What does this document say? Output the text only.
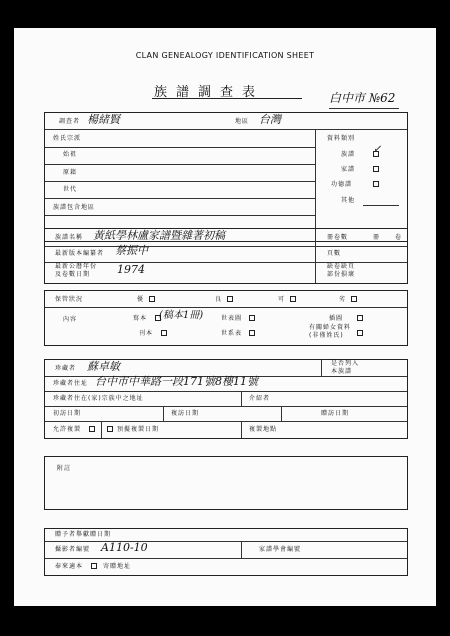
CLAN GENEALOGY IDENTIFICATION SHEET
族譜調查表	白中市 №62
調查者 楊緒賢	地區 台灣
姓氏宗派
始祖
原籍
世代
族譜包含地區
資料類別
族譜 ✓
家譜
功德譜
其他
族譜名稱 黃紙學林盧家譜暨雜著初稿
最新版本編纂者 蔡振中
最新公曆年份
及卷數日期 1974
冊卷數	冊 卷
頁數
缺卷缺頁
部份損壞
保管狀況	優	良	可	劣
內容	寫本 (稿本1冊)	世表圖	插圖
刊本	世系表
有關婦女資料
(非僅姓氏)
珍藏者 蘇卓敏	是否列入
本族譜
珍藏者住址 台中市中華路一段171號8樓11號
珍藏者住在(家)宗族中之地址	介紹者
初訪日期	複訪日期	贈訪日期
允許複製	預擬複製日期	複製地點
附註
贈予者舉獻贈日期
攝影者編號 A110-10	家譜學會編號
奉來適本	寄贈地址
